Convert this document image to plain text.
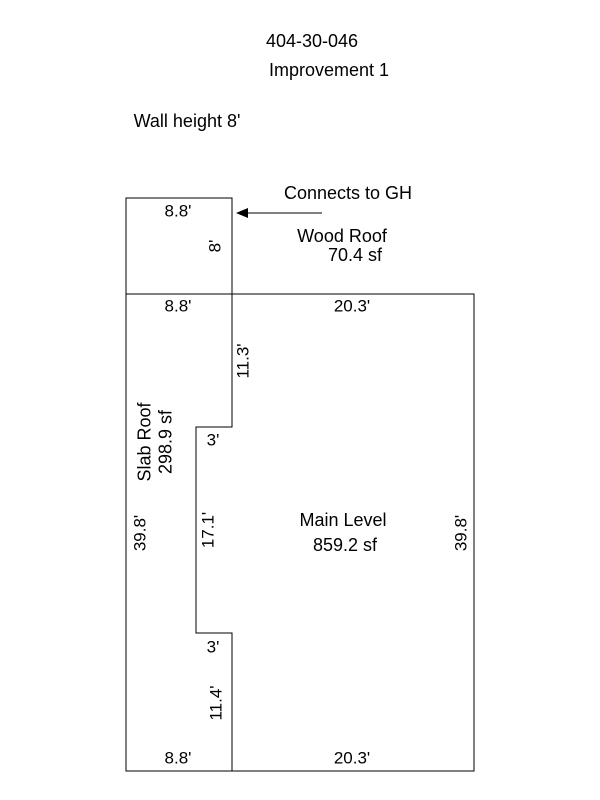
404-30-046
Improvement 1
Wall height 8'
Connects to GH
Wood Roof
70.4 sf
Slab Roof 298.9 sf
Main Level
859.2 sf
8.8'
8'
8.8'	20.3'
11.3'
3'
39.8'	17.1'	39.8'
3'
11.4'
8.8'	20.3'
